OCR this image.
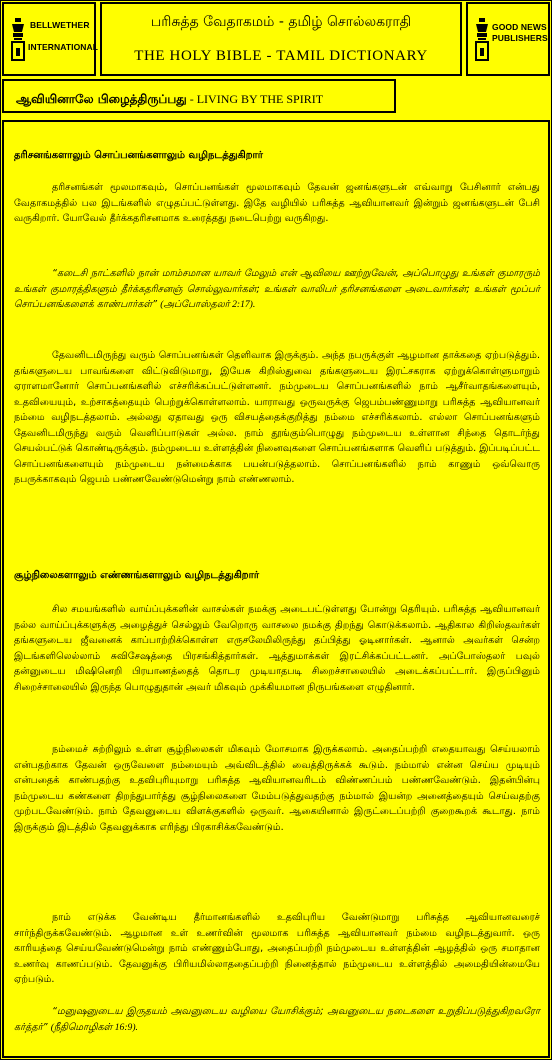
BELLWETHER

INTERNATIONAL
பரிசுத்த வேதாகமம் - தமிழ் சொல்லகராதி
THE HOLY BIBLE - TAMIL DICTIONARY
GOOD NEWS
PUBLISHERS
ஆவியினாலே பிழைத்திருப்பது - LIVING BY THE SPIRIT
தரிசனங்களாலும் சொப்பனங்களாலும் வழிநடத்துகிறார்

தரிசனங்கள் மூலமாகவும், சொப்பனங்கள் மூலமாகவும் தேவன் ஜனங்களுடன் எவ்வாறு பேசினார் என்பது வேதாகமத்தில் பல இடங்களில் எழுதப்பட்டுள்ளது. இதே வழியில் பரிசுத்த ஆவியானவர் இன்றும் ஜனங்களுடன் பேசி வருகிறார். யோவேல் தீர்க்கதரிசனமாக உரைத்தது நடைபெற்று வருகிறது.

“கடைசி நாட்களில் நான் மாம்சமான யாவர் மேலும் என் ஆவியை ஊற்றுவேன், அப்பொழுது உங்கள் குமாரரும் உங்கள் குமாரத்திகளும் தீர்க்கதரிசனஞ் சொல்லுவார்கள்; உங்கள் வாலிபர் தரிசனங்களை அடைவார்கள்; உங்கள் மூப்பர் சொப்பனங்களைக் காண்பார்கள்” (அப்போஸ்தலர் 2:17).

தேவனிடமிருந்து வரும் சொப்பனங்கள் தெளிவாக இருக்கும். அந்த நபருக்குள் ஆழமான தாக்கதை ஏற்படுத்தும். தங்களுடைய பாவங்களை விட்டுவிடுமாறு, இயேசு கிறிஸ்துவை தங்களுடைய இரட்சகராக ஏற்றுக்கொள்ளுமாறும் ஏராளமானோர் சொப்பனங்களில் எச்சரிக்கப்பட்டுள்ளனர். நம்முடைய சொப்பனங்களில் நாம் ஆசீர்வாதங்களையும், உதவியையும், உற்சாகத்தையும் பெற்றுக்கொள்ளலாம். யாராவது ஒருவருக்கு ஜெபம்பண்ணுமாறு பரிசுத்த ஆவியானவர் நம்மை வழிநடத்தலாம். அல்லது ஏதாவது ஒரு விசயத்தைக்குறித்து நம்மை எச்சரிக்கலாம். எல்லா சொப்பனங்களும் தேவனிடமிருந்து வரும் வெளிப்பாடுகள் அல்ல. நாம் தூங்கும்பொழுது நம்முடைய உள்ளான சிந்தை தொடர்ந்து செயல்பட்டுக் கொண்டிருக்கும். நம்முடைய உள்ளத்தின் நினைவுகளை சொப்பனங்களாக வெளிப் படுத்தும். இப்படிப்பட்ட சொப்பனங்களையும் நம்முடைய நன்மைக்காக பயன்படுத்தலாம். சொப்பனங்களில் நாம் காணும் ஒவ்வொரு நபருக்காகவும் ஜெபம் பண்ணவேண்டுமென்று நாம் எண்ணலாம்.

சூழ்நிலைகளாலும் எண்ணங்களாலும் வழிநடத்துகிறார்

சில சமயங்களில் வாய்ப்புக்களின் வாசல்கள் நமக்கு அடைபட்டுள்ளது போன்று தெரியும். பரிசுத்த ஆவியானவர் நல்ல வாய்ப்புக்களுக்கு அழைத்துச் செல்லும் வேறொரு வாசலை நமக்கு திறந்து கொடுக்கலாம். ஆதிகால கிறிஸ்தவர்கள் தங்களுடைய ஜீவனைக் காப்பாற்றிக்கொள்ள எருசலேமிலிருந்து தப்பித்து ஓடினார்கள். ஆனால் அவர்கள் சென்ற இடங்களிலெல்லாம் சுவிசேஷத்தை பிரசங்கித்தார்கள். ஆத்துமாக்கள் இரட்சிக்கப்பட்டனர். அப்போஸ்தலர் பவுல் தன்னுடைய மிஷினெறி பிரயாணத்தைத் தொடர முடியாதபடி சிறைச்சாலையில் அடைக்கப்பட்டார். இருப்பினும் சிறைச்சாலையில் இருந்த பொழுதுதான் அவர் மிகவும் முக்கியமான நிருபங்களை எழுதினார்.

நம்மைச் சுற்றிலும் உள்ள சூழ்நிலைகள் மிகவும் மோசமாக இருக்கலாம். அதைப்பற்றி எதையாவது செய்யலாம் என்பதற்காக தேவன் ஒருவேளை நம்மையும் அவ்விடத்தில் வைத்திருக்கக் கூடும். நம்மால் என்ன செய்ய முடியும் என்பதைக் காண்பதற்கு உதவிபுரியுமாறு பரிசுத்த ஆவியானவரிடம் விண்ணப்பம் பண்ணவேண்டும். இதன்பின்பு நம்முடைய கண்களை திறந்துபார்த்து சூழ்நிலைகளை மேம்படுத்துவதற்கு நம்மால் இயன்ற அனைத்தையும் செய்வதற்கு முற்படவேண்டும். நாம் தேவனுடைய விளக்குகளில் ஒருவர். ஆகையினால் இருட்டைப்பற்றி குறைகூறக் கூடாது. நாம் இருக்கும் இடத்தில் தேவனுக்காக எரிந்து பிரகாசிக்கவேண்டும்.

நாம் எடுக்க வேண்டிய தீர்மானங்களில் உதவிபுரிய வேண்டுமாறு பரிசுத்த ஆவியானவரைச் சார்ந்திருக்கவேண்டும். ஆழமான உள் உணர்வின் மூலமாக பரிசுத்த ஆவியானவர் நம்மை வழிநடத்துவார். ஒரு காரியத்தை செய்யவேண்டுமென்று நாம் எண்ணும்போது, அதைப்பற்றி நம்முடைய உள்ளத்தின் ஆழத்தில் ஒரு சமாதான உணர்வு காணப்படும். தேவனுக்கு பிரியமில்லாததைப்பற்றி நினைத்தால் நம்முடைய உள்ளத்தில் அமைதியின்மையே ஏற்படும்.

“மனுஷனுடைய இருதயம் அவனுடைய வழியை யோசிக்கும்; அவனுடைய நடைகளை உறுதிப்படுத்துகிறவரோ கர்த்தர்” (நீதிமொழிகள் 16:9).
